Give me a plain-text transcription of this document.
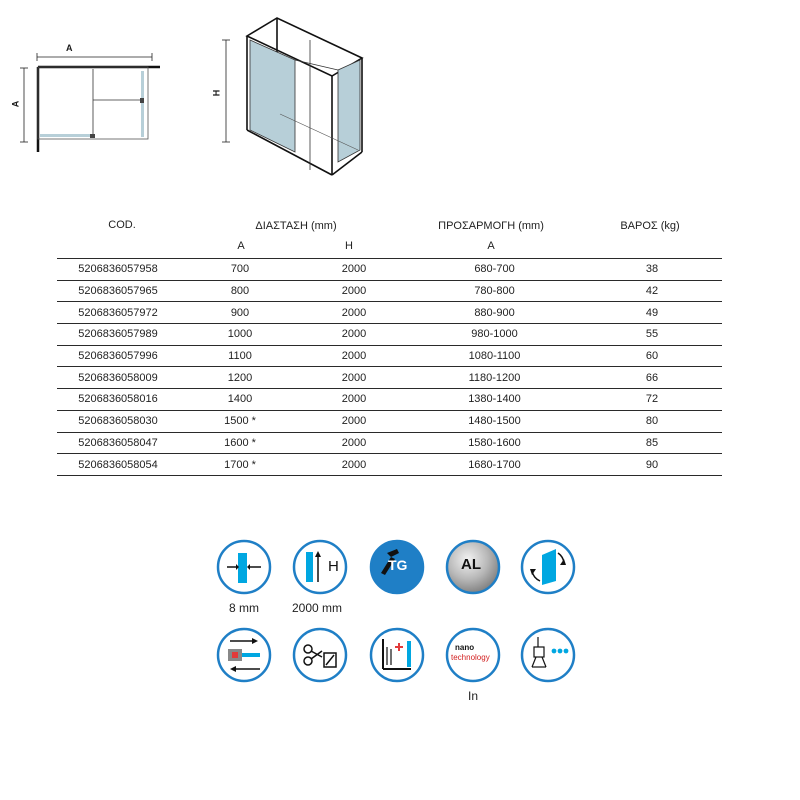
A
A
H
COD.	ΔΙΑΣΤΑΣΗ (mm)	ΠΡΟΣΑΡΜΟΓΗ (mm)	ΒΑΡΟΣ (kg)
A	H	A
5206836057958	700	2000	680-700	38
5206836057965	800	2000	780-800	42
5206836057972	900	2000	880-900	49
5206836057989	1000	2000	980-1000	55
5206836057996	1100	2000	1080-1100	60
5206836058009	1200	2000	1180-1200	66
5206836058016	1400	2000	1380-1400	72
5206836058030	1500 *	2000	1480-1500	80
5206836058047	1600 *	2000	1580-1600	85
5206836058054	1700 *	2000	1680-1700	90
8 mm
H
2000 mm
TG	AL
nano
technology
In
